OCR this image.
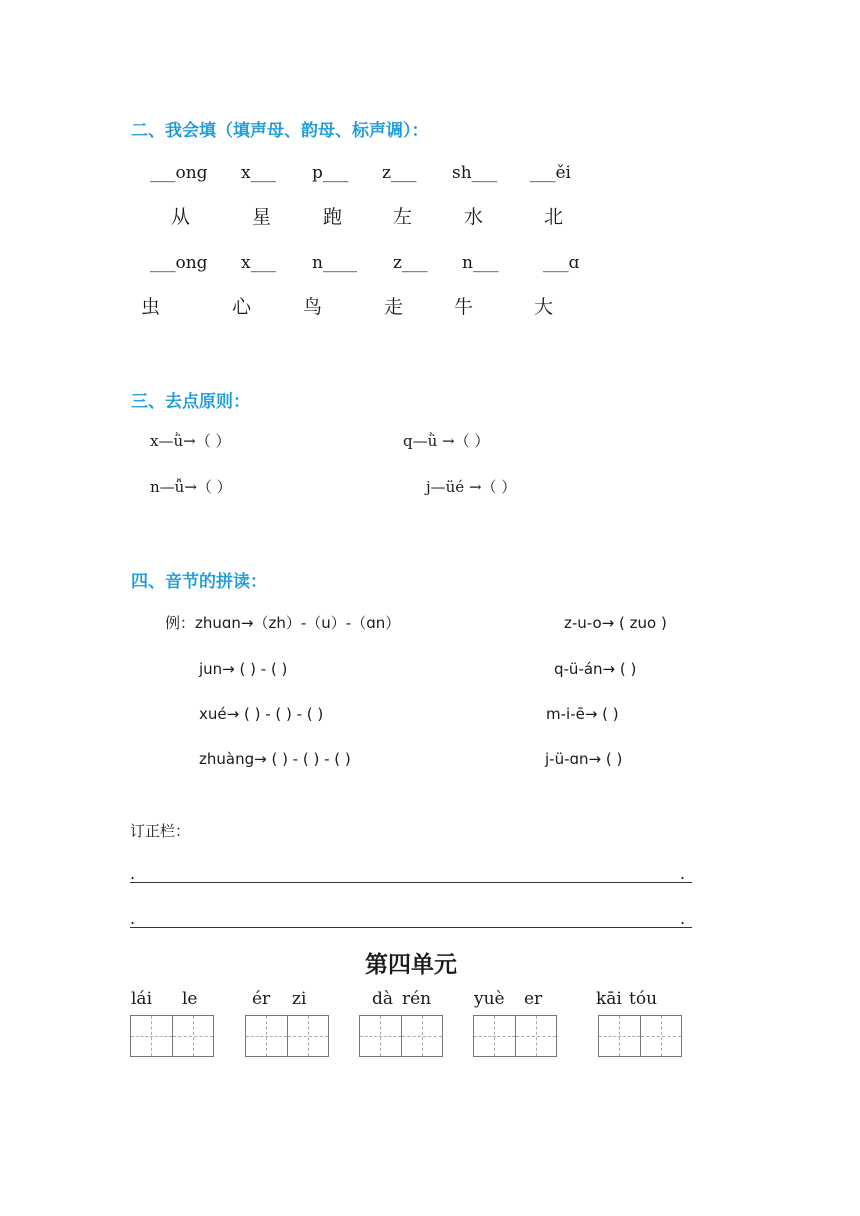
二、我会填（填声母、韵母、标声调）：
___ong x___ p___ z___ sh___ ___ěi
从	星	跑	左	水	北
___ong x___ n____ z___ n___	___ɑ
虫	心	鸟	走	牛	大
三、去点原则：
x—ǜ→（ ）	q—ǜ →（ ）
n—ǚ→（ ）	j—üé →（ ）
四、音节的拼读：
例：zhuɑn→（zh）-（u）-（ɑn）	z-u-o→ ( zuo )
jun→ ( ) - ( )	q-ü-án→ ( )
xué→ ( ) - ( ) - ( )	m-i-ē→ ( )
zhuàng→ ( ) - ( ) - ( )	j-ü-ɑn→ ( )
订正栏：
.	.
.	.
第四单元
lái le	ér zi	dà rén	yuè er	kāi tóu
